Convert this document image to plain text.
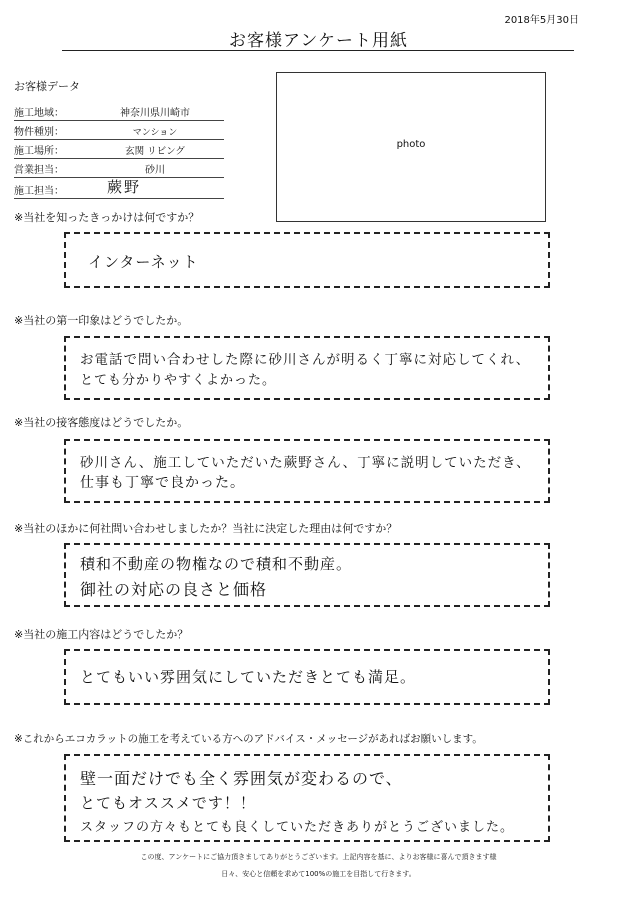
2018年5月30日
お客様アンケート用紙
お客様データ
施工地域：	神奈川県川崎市
物件種別：	マンション
施工場所：	玄関 リビング
営業担当：	砂川
施工担当：	蕨野
photo
※当社を知ったきっかけは何ですか？
インターネット
※当社の第一印象はどうでしたか。
お電話で問い合わせした際に砂川さんが明るく丁寧に対応してくれ、
とても分かりやすくよかった。
※当社の接客態度はどうでしたか。
砂川さん、施工していただいた蕨野さん、丁寧に説明していただき、
仕事も丁寧で良かった。
※当社のほかに何社問い合わせしましたか？当社に決定した理由は何ですか？
積和不動産の物権なので積和不動産。
御社の対応の良さと価格
※当社の施工内容はどうでしたか？
とてもいい雰囲気にしていただきとても満足。
※これからエコカラットの施工を考えている方へのアドバイス・メッセージがあればお願いします。
壁一面だけでも全く雰囲気が変わるので、
とてもオススメです！！
スタッフの方々もとても良くしていただきありがとうございました。
この度、アンケートにご協力頂きましてありがとうございます。上記内容を基に、よりお客様に喜んで頂きます様
日々、安心と信頼を求めて100%の施工を目指して行きます。
